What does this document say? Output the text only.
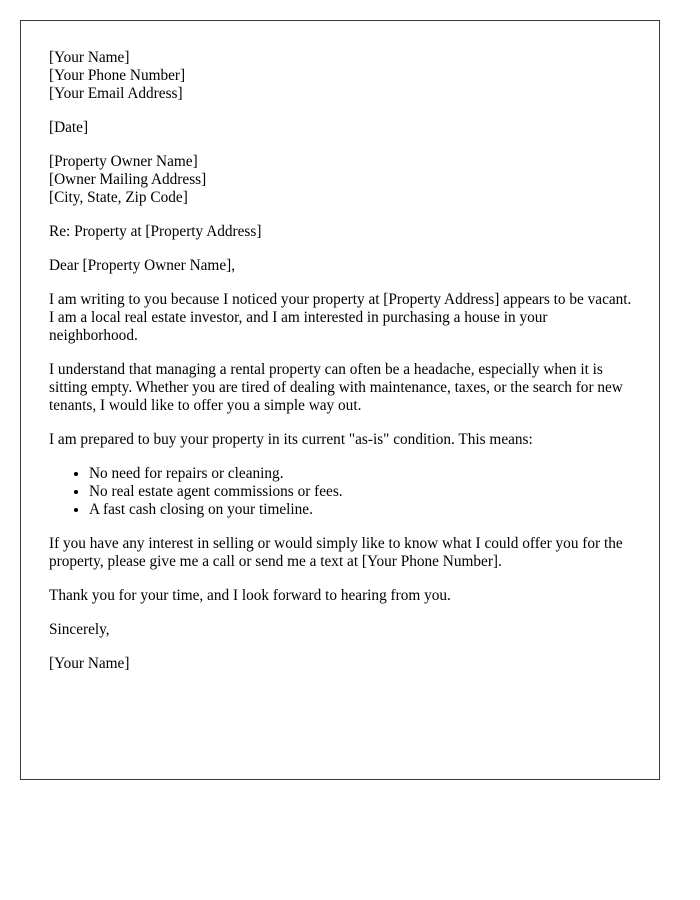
[Your Name]
[Your Phone Number]
[Your Email Address]
[Date]
[Property Owner Name]
[Owner Mailing Address]
[City, State, Zip Code]

Re: Property at [Property Address]

Dear [Property Owner Name],

I am writing to you because I noticed your property at [Property Address] appears to be vacant. I am a local real estate investor, and I am interested in purchasing a house in your neighborhood.

I understand that managing a rental property can often be a headache, especially when it is sitting empty. Whether you are tired of dealing with maintenance, taxes, or the search for new tenants, I would like to offer you a simple way out.

I am prepared to buy your property in its current "as-is" condition. This means:

• No need for repairs or cleaning.
• No real estate agent commissions or fees.
• A fast cash closing on your timeline.

If you have any interest in selling or would simply like to know what I could offer you for the property, please give me a call or send me a text at [Your Phone Number].

Thank you for your time, and I look forward to hearing from you.

Sincerely,

[Your Name]
